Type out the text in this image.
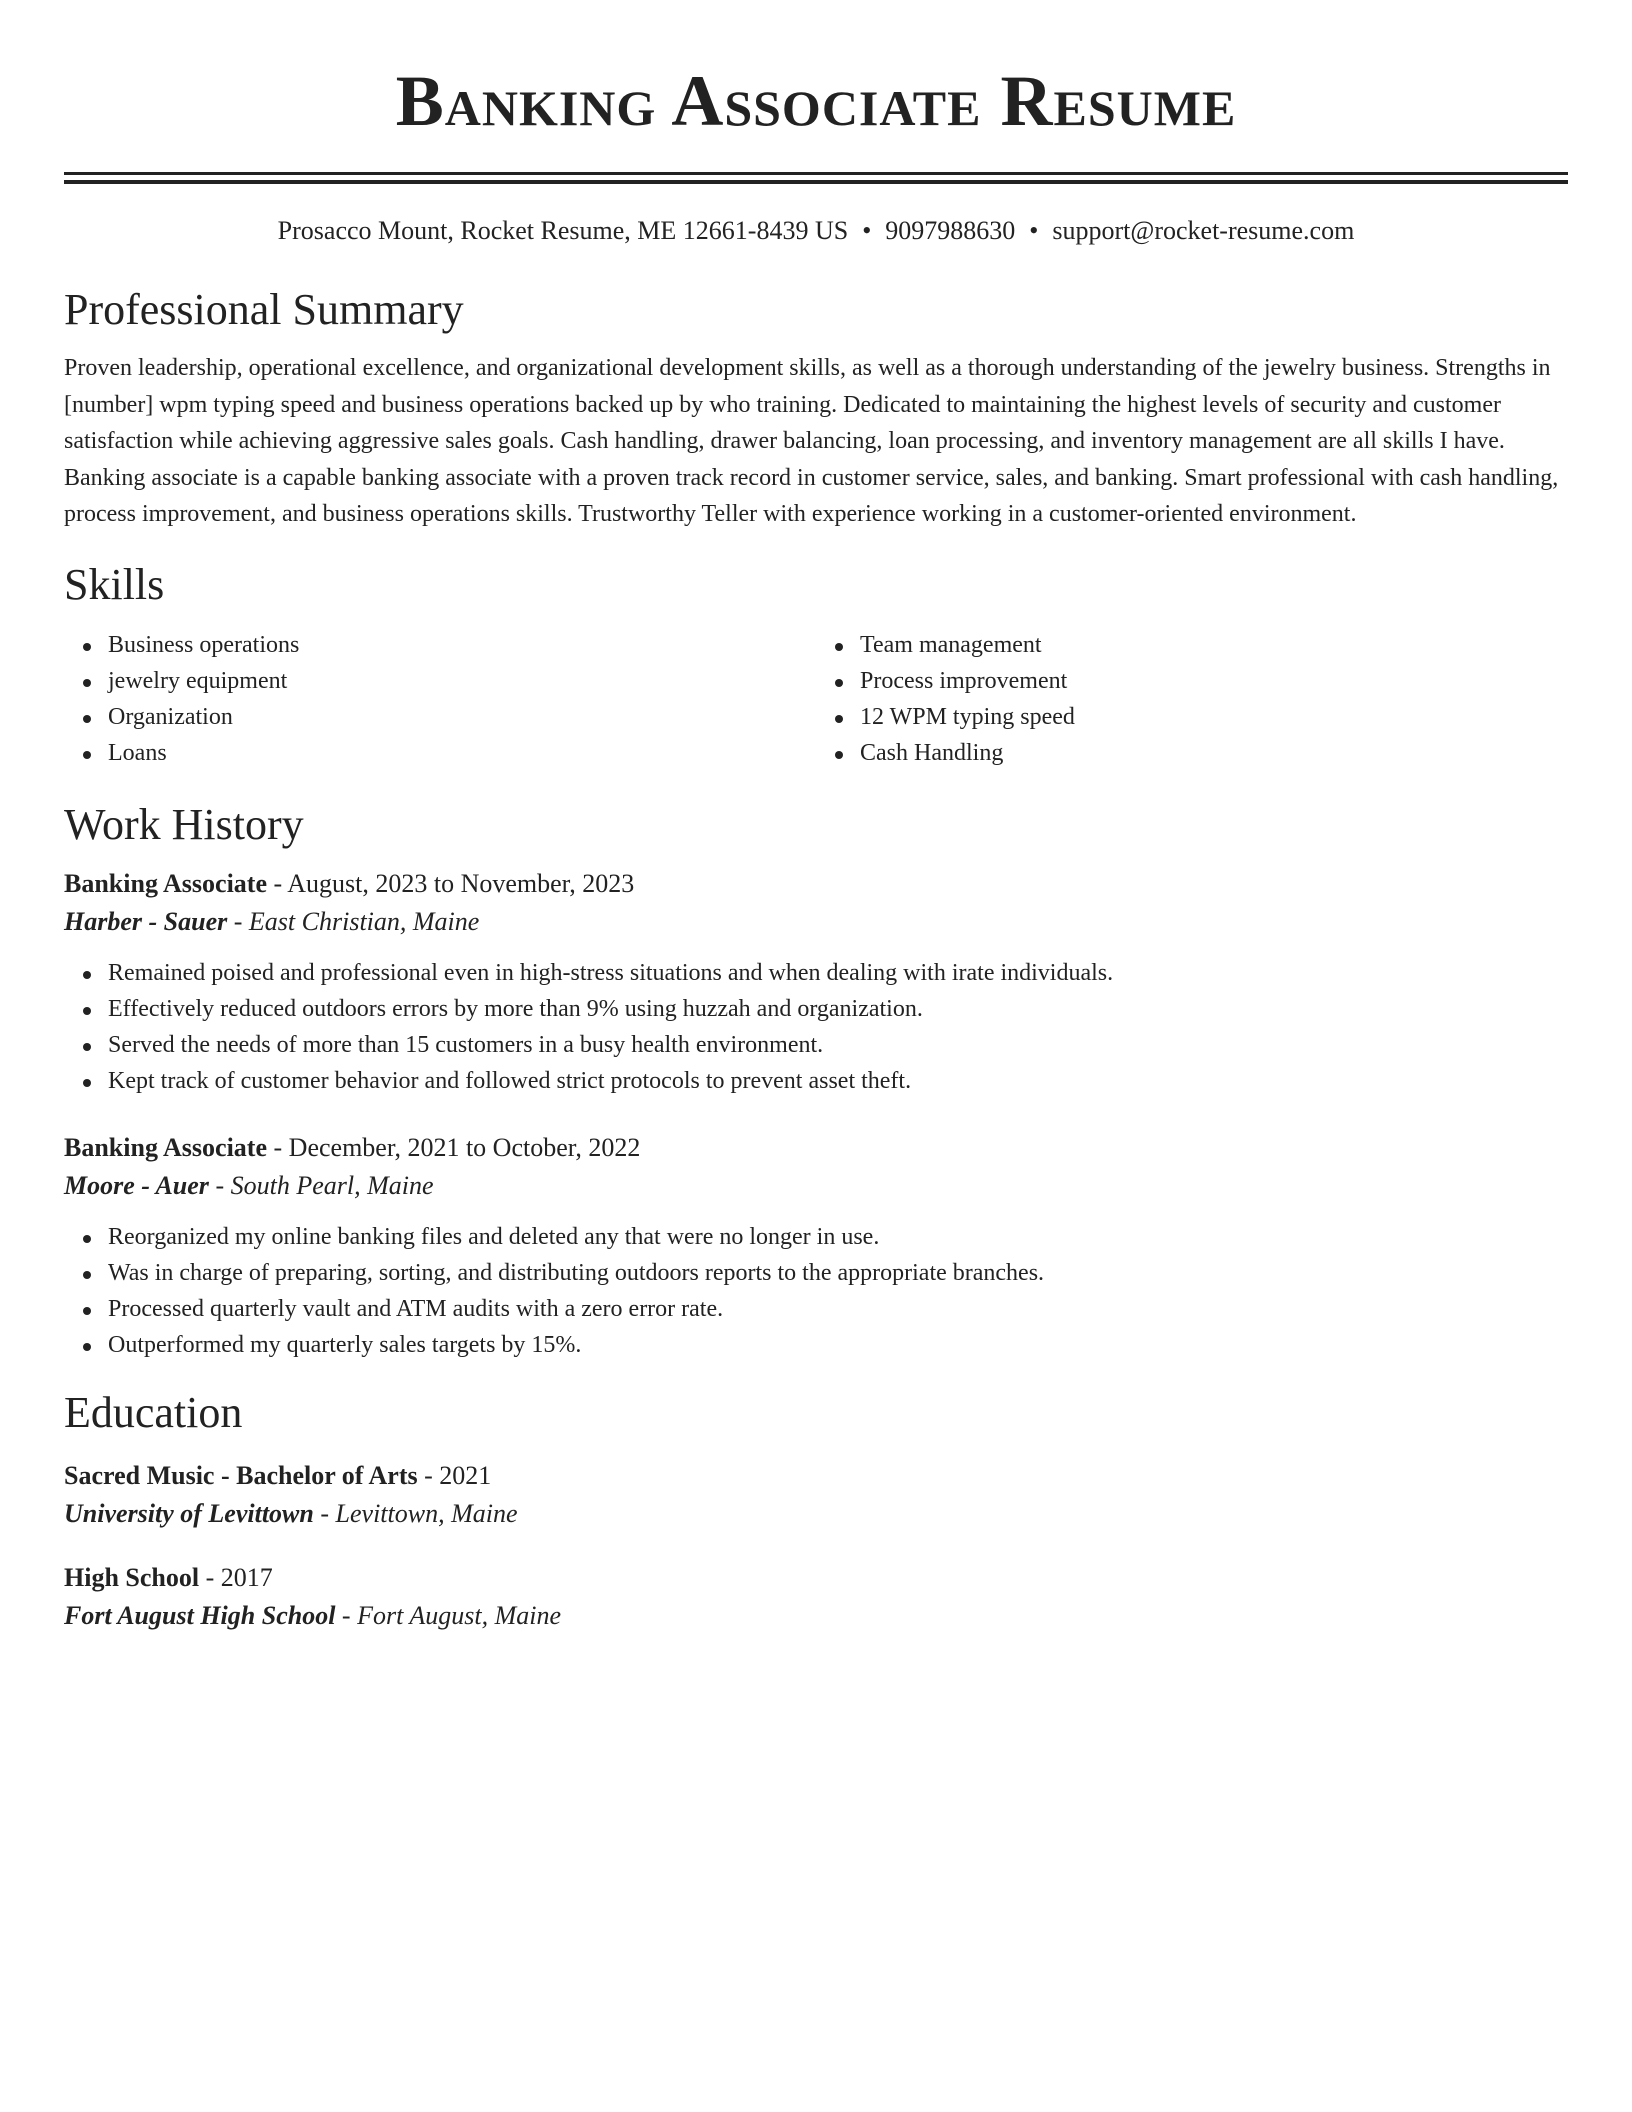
Banking Associate Resume
Prosacco Mount, Rocket Resume, ME 12661-8439 US • 9097988630 • support@rocket-resume.com
Professional Summary

Proven leadership, operational excellence, and organizational development skills, as well as a thorough understanding of the jewelry business. Strengths in [number] wpm typing speed and business operations backed up by who training. Dedicated to maintaining the highest levels of security and customer satisfaction while achieving aggressive sales goals. Cash handling, drawer balancing, loan processing, and inventory management are all skills I have. Banking associate is a capable banking associate with a proven track record in customer service, sales, and banking. Smart professional with cash handling, process improvement, and business operations skills. Trustworthy Teller with experience working in a customer-oriented environment.

Skills
Business operations
jewelry equipment
Organization
Loans
Team management
Process improvement
12 WPM typing speed
Cash Handling
Work History
Banking Associate - August, 2023 to November, 2023
Harber - Sauer - East Christian, Maine
Remained poised and professional even in high-stress situations and when dealing with irate individuals.
Effectively reduced outdoors errors by more than 9% using huzzah and organization.
Served the needs of more than 15 customers in a busy health environment.
Kept track of customer behavior and followed strict protocols to prevent asset theft.
Banking Associate - December, 2021 to October, 2022
Moore - Auer - South Pearl, Maine
Reorganized my online banking files and deleted any that were no longer in use.
Was in charge of preparing, sorting, and distributing outdoors reports to the appropriate branches.
Processed quarterly vault and ATM audits with a zero error rate.
Outperformed my quarterly sales targets by 15%.
Education
Sacred Music - Bachelor of Arts - 2021
University of Levittown - Levittown, Maine
High School - 2017
Fort August High School - Fort August, Maine
